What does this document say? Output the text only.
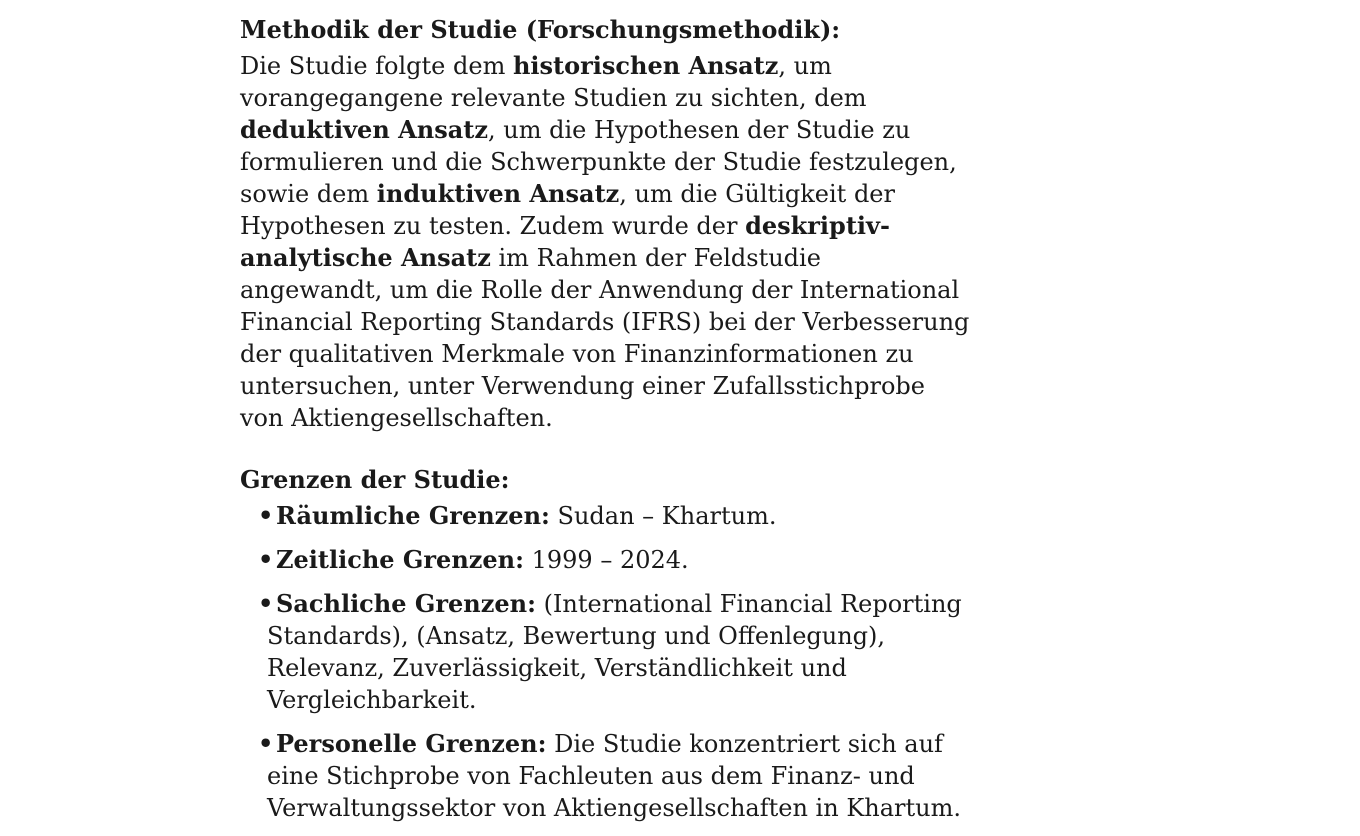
Methodik der Studie (Forschungsmethodik):

Die Studie folgte dem historischen Ansatz, um vorangegangene relevante Studien zu sichten, dem deduktiven Ansatz, um die Hypothesen der Studie zu formulieren und die Schwerpunkte der Studie festzulegen, sowie dem induktiven Ansatz, um die Gültigkeit der Hypothesen zu testen. Zudem wurde der deskriptiv-analytische Ansatz im Rahmen der Feldstudie angewandt, um die Rolle der Anwendung der International Financial Reporting Standards (IFRS) bei der Verbesserung der qualitativen Merkmale von Finanzinformationen zu untersuchen, unter Verwendung einer Zufallsstichprobe von Aktiengesellschaften.

Grenzen der Studie:
• Räumliche Grenzen: Sudan – Khartum.
• Zeitliche Grenzen: 1999 – 2024.
• Sachliche Grenzen: (International Financial Reporting Standards), (Ansatz, Bewertung und Offenlegung), Relevanz, Zuverlässigkeit, Verständlichkeit und Vergleichbarkeit.
• Personelle Grenzen: Die Studie konzentriert sich auf eine Stichprobe von Fachleuten aus dem Finanz- und Verwaltungssektor von Aktiengesellschaften in Khartum.
